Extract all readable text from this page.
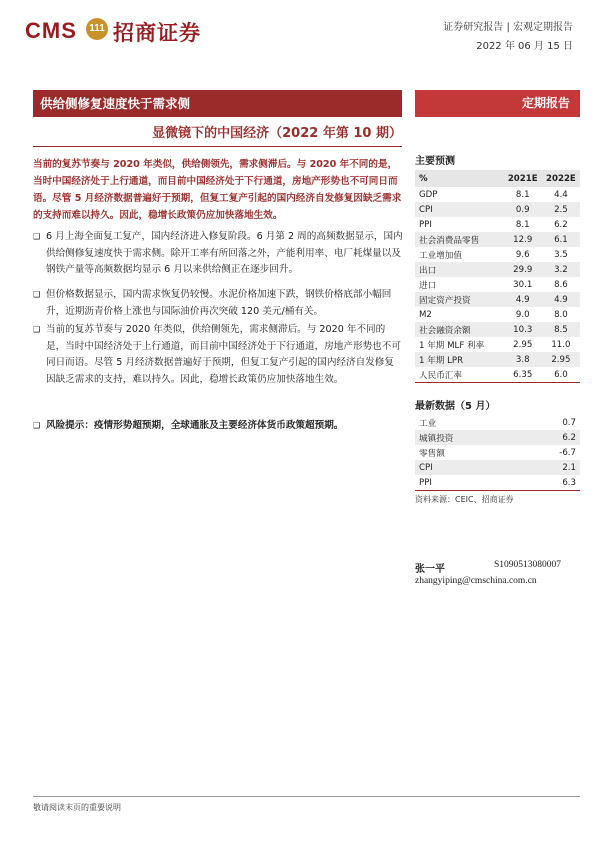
CMS	111 招商证券	证券研究报告 | 宏观定期报告
2022 年 06 月 15 日
供给侧修复速度快于需求侧	定期报告
显微镜下的中国经济（2022 年第 10 期）
当前的复苏节奏与 2020 年类似，供给侧领先，需求侧滞后。与 2020 年不同的是，当时中国经济处于上行通道，而目前中国经济处于下行通道，房地产形势也不可同日而语。尽管 5 月经济数据普遍好于预期，但复工复产引起的国内经济自发修复因缺乏需求的支持而难以持久。因此，稳增长政策仍应加快落地生效。
❑ 6 月上海全面复工复产，国内经济进入修复阶段。6 月第 2 周的高频数据显示，国内供给侧修复速度快于需求侧。除开工率有所回落之外，产能利用率、电厂耗煤量以及钢铁产量等高频数据均显示 6 月以来供给侧正在逐步回升。
❑ 但价格数据显示，国内需求恢复仍较慢。水泥价格加速下跌，钢铁价格底部小幅回升，近期沥青价格上涨也与国际油价再次突破 120 美元/桶有关。
❑ 当前的复苏节奏与 2020 年类似，供给侧领先，需求侧滞后。与 2020 年不同的是，当时中国经济处于上行通道，而目前中国经济处于下行通道，房地产形势也不可同日而语。尽管 5 月经济数据普遍好于预期，但复工复产引起的国内经济自发修复因缺乏需求的支持，难以持久。因此，稳增长政策仍应加快落地生效。
❑ 风险提示：疫情形势超预期，全球通胀及主要经济体货币政策超预期。
主要预测
%	2021E	2022E
GDP	8.1	4.4
CPI	0.9	2.5
PPI	8.1	6.2
社会消费品零售	12.9	6.1
工业增加值	9.6	3.5
出口	29.9	3.2
进口	30.1	8.6
固定资产投资	4.9	4.9
M2	9.0	8.0
社会融资余额	10.3	8.5
1 年期 MLF 利率	2.95	11.0
1 年期 LPR	3.8	2.95
人民币汇率	6.35	6.0
最新数据（5 月）
工业	0.7
城镇投资	6.2
零售额	-6.7
CPI	2.1
PPI	6.3
资料来源：CEIC、招商证券
张一平	S1090513080007
zhangyiping@cmschina.com.cn
敬请阅读末页的重要说明
